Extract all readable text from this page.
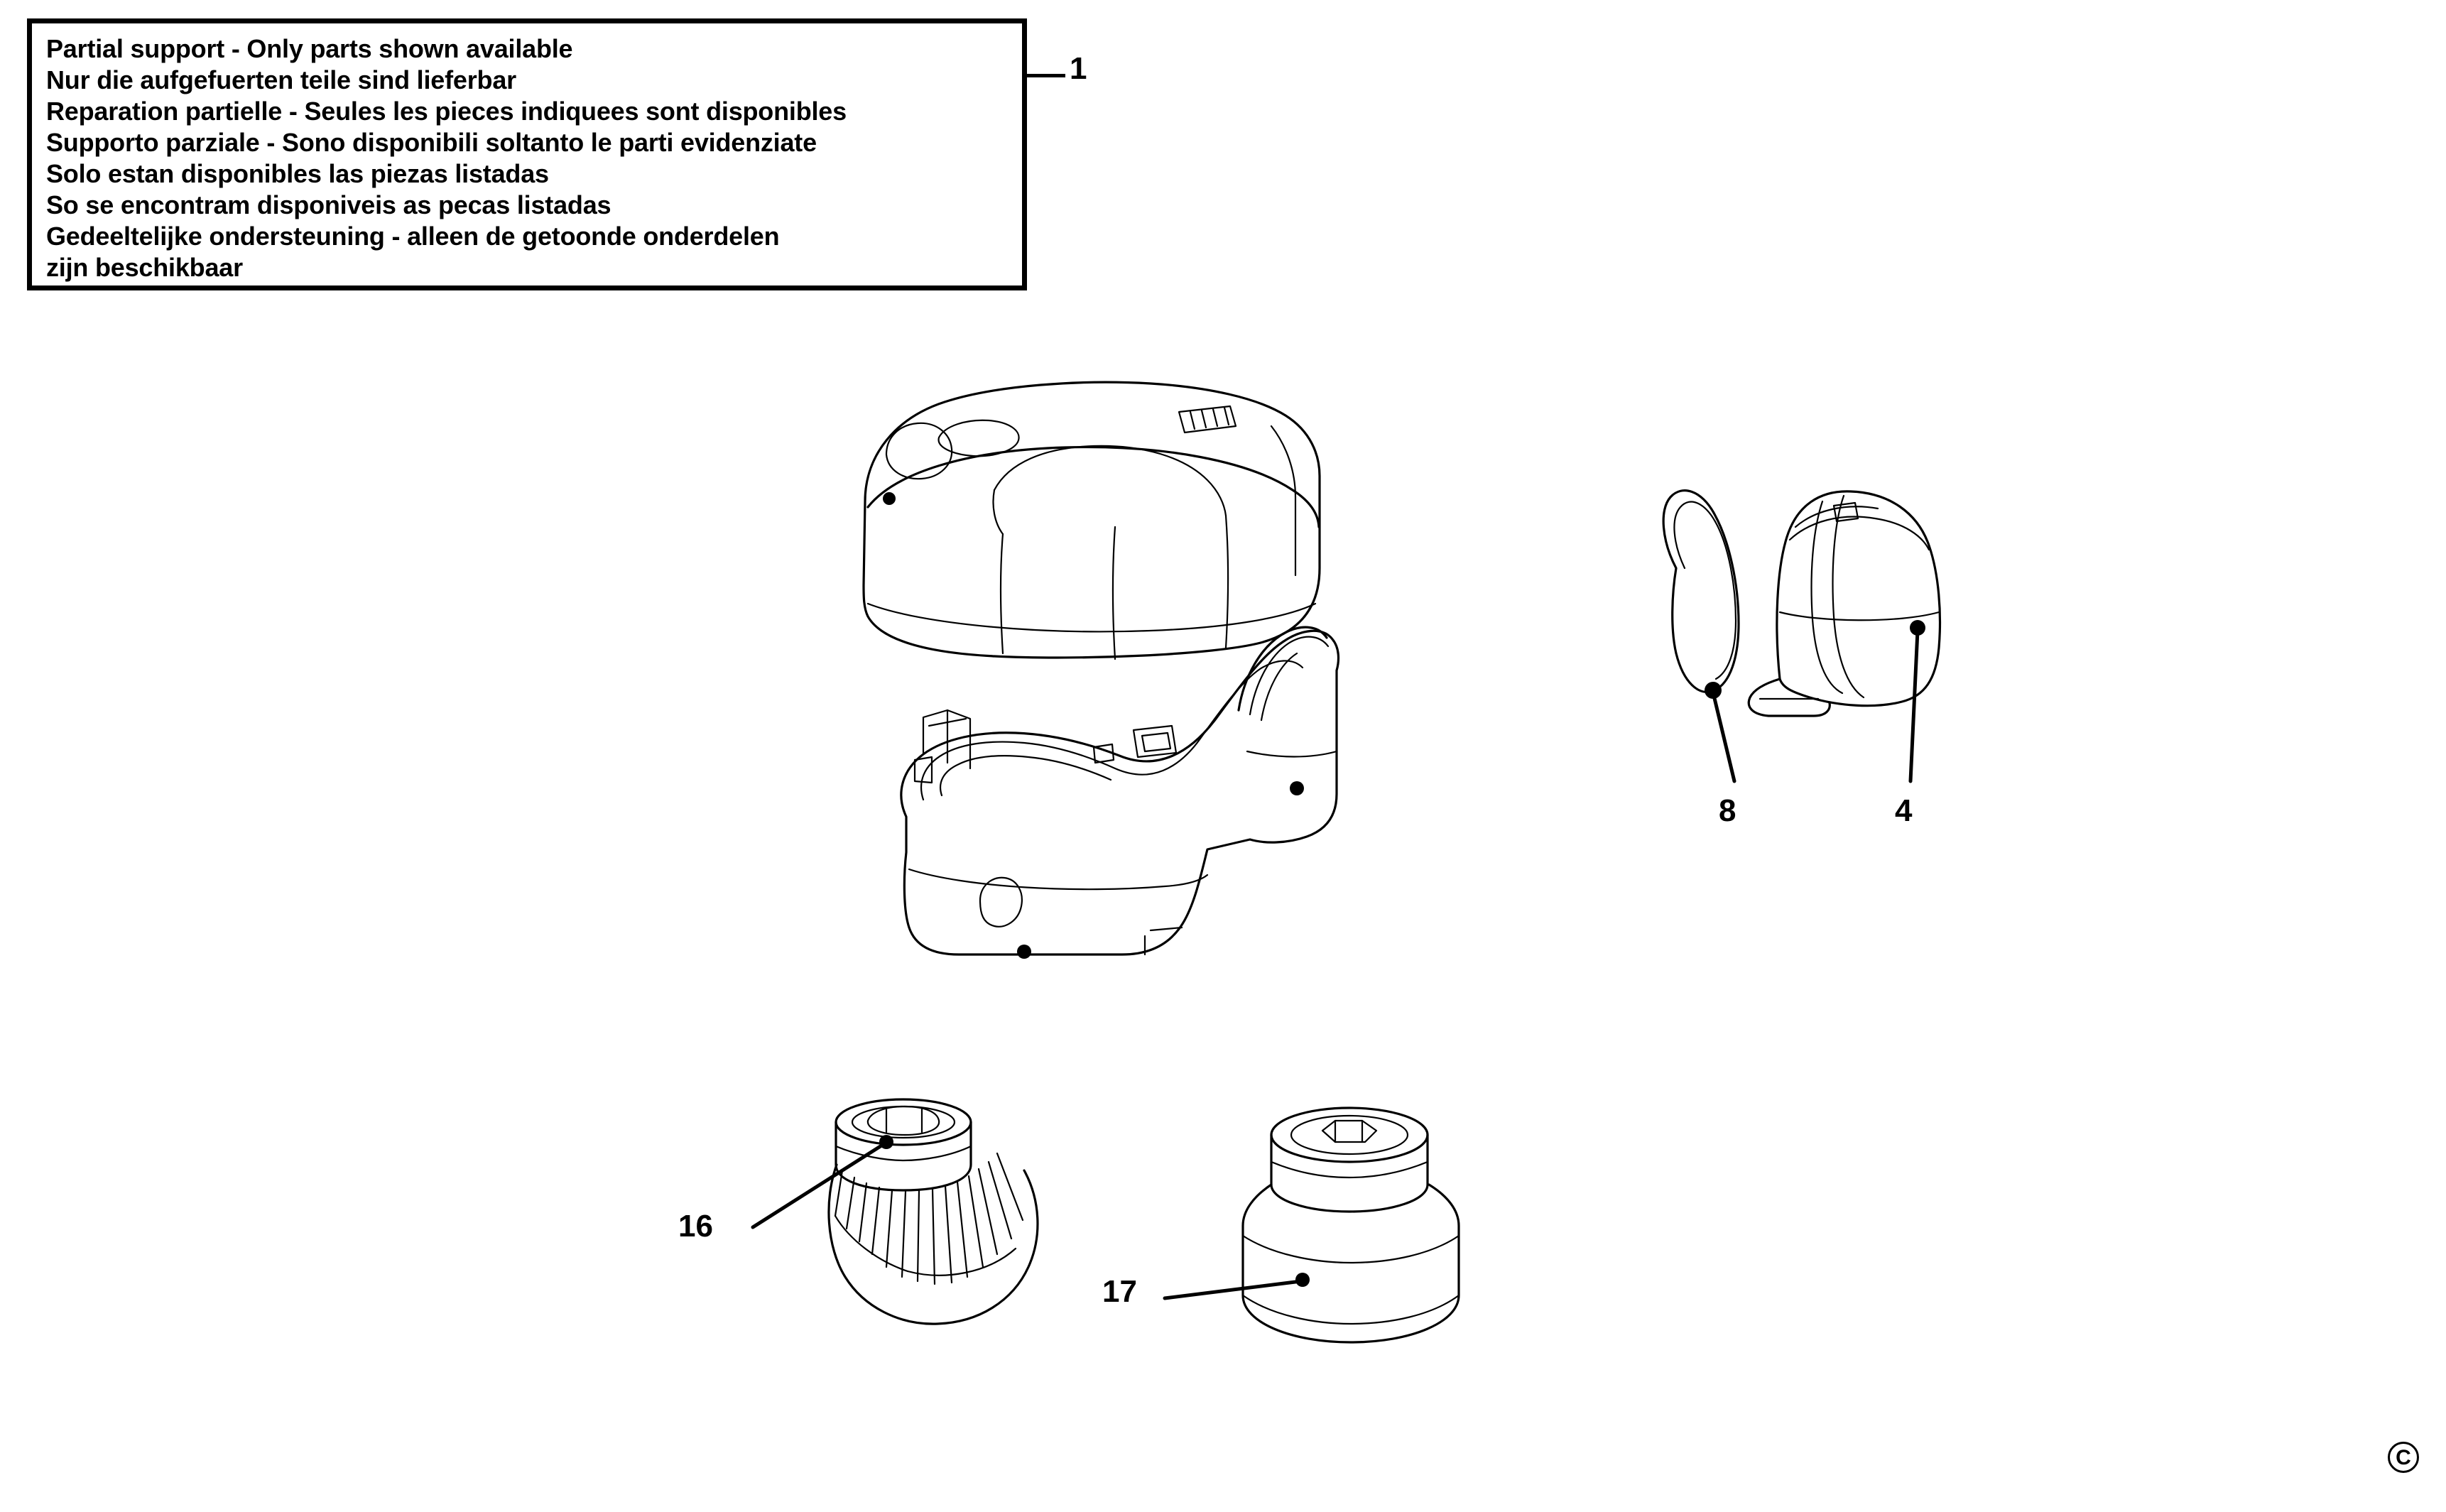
Partial support - Only parts shown available
Nur die aufgefuerten teile sind lieferbar
Reparation partielle - Seules les pieces indiquees sont disponibles
Supporto parziale - Sono disponibili soltanto le parti evidenziate
Solo estan disponibles las piezas listadas
So se encontram disponiveis as pecas listadas
Gedeeltelijke ondersteuning - alleen de getoonde onderdelen
zijn beschikbaar
1
8	4
16
17
C
